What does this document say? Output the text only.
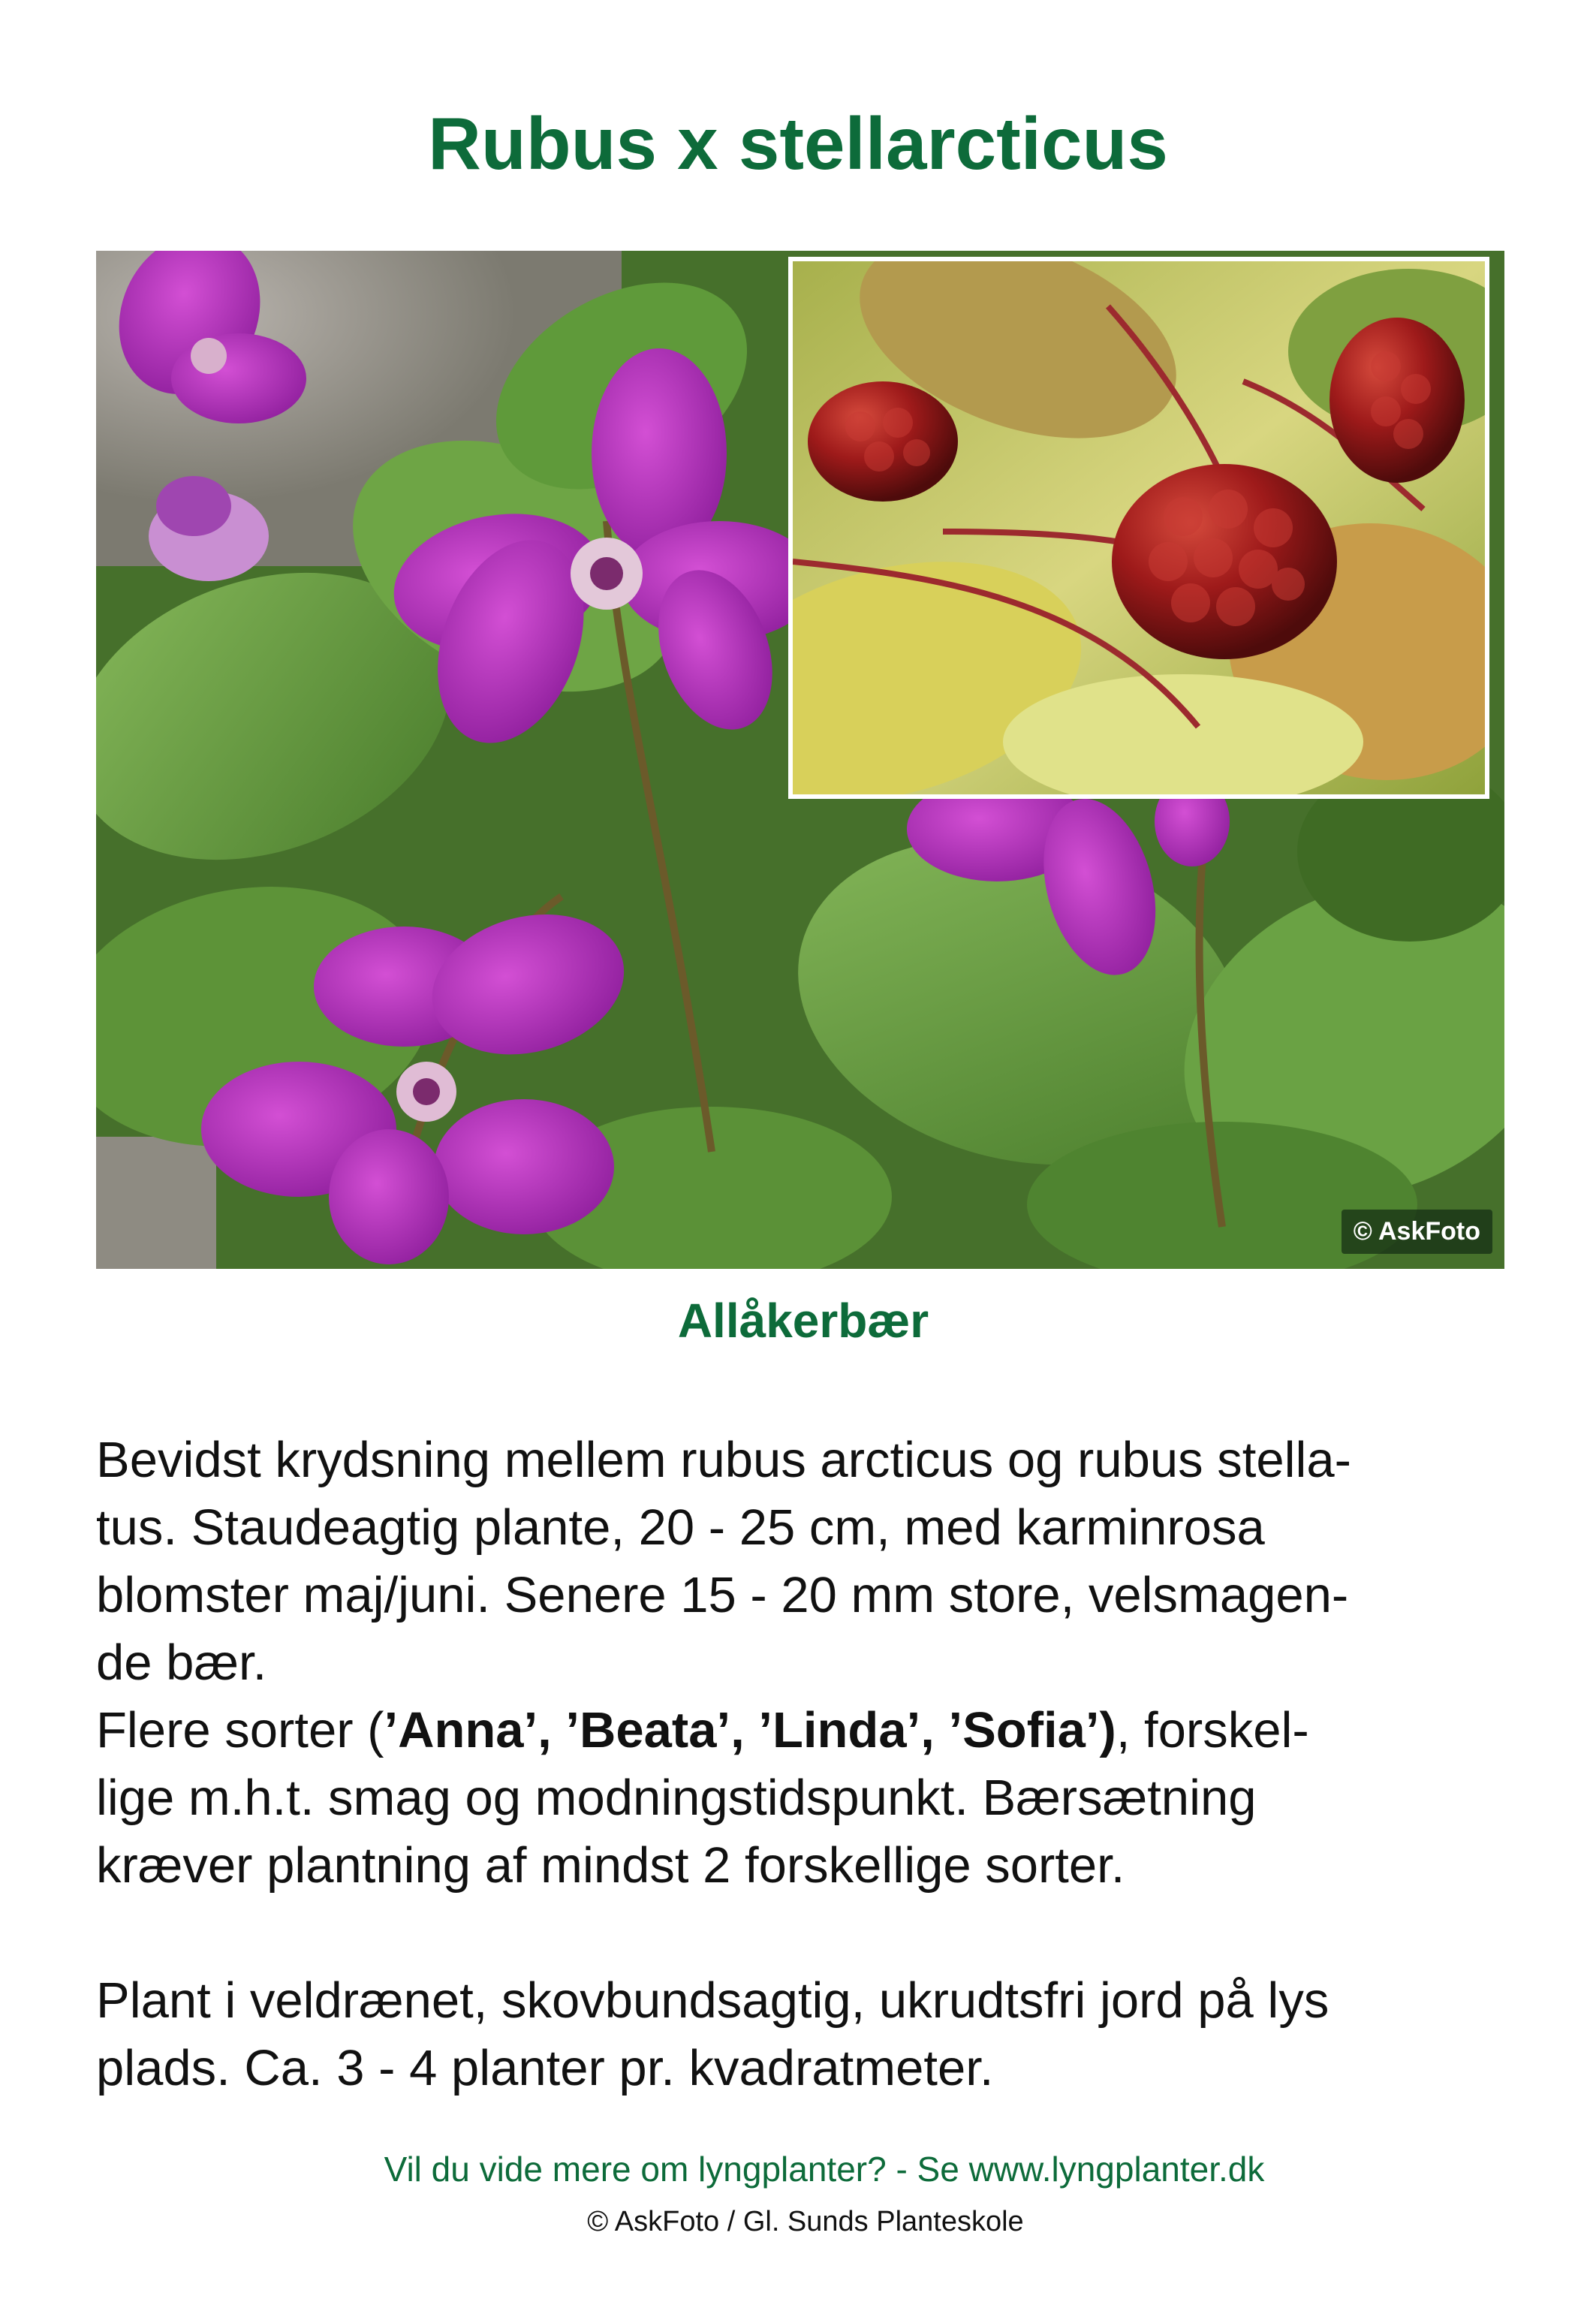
Rubus x stellarcticus
© AskFoto
Allåkerbær

Bevidst krydsning mellem rubus arcticus og rubus stella-

tus. Staudeagtig plante, 20 - 25 cm, med karminrosa

blomster maj/juni. Senere 15 - 20 mm store, velsmagen-

de bær.

Flere sorter (’Anna’, ’Beata’, ’Linda’, ’Sofia’), forskel-

lige m.h.t. smag og modningstidspunkt. Bærsætning

kræver plantning af mindst 2 forskellige sorter.

Plant i veldrænet, skovbundsagtig, ukrudtsfri jord på lys

plads. Ca. 3 - 4 planter pr. kvadratmeter.

Vil du vide mere om lyngplanter? - Se www.lyngplanter.dk
© AskFoto / Gl. Sunds Planteskole
